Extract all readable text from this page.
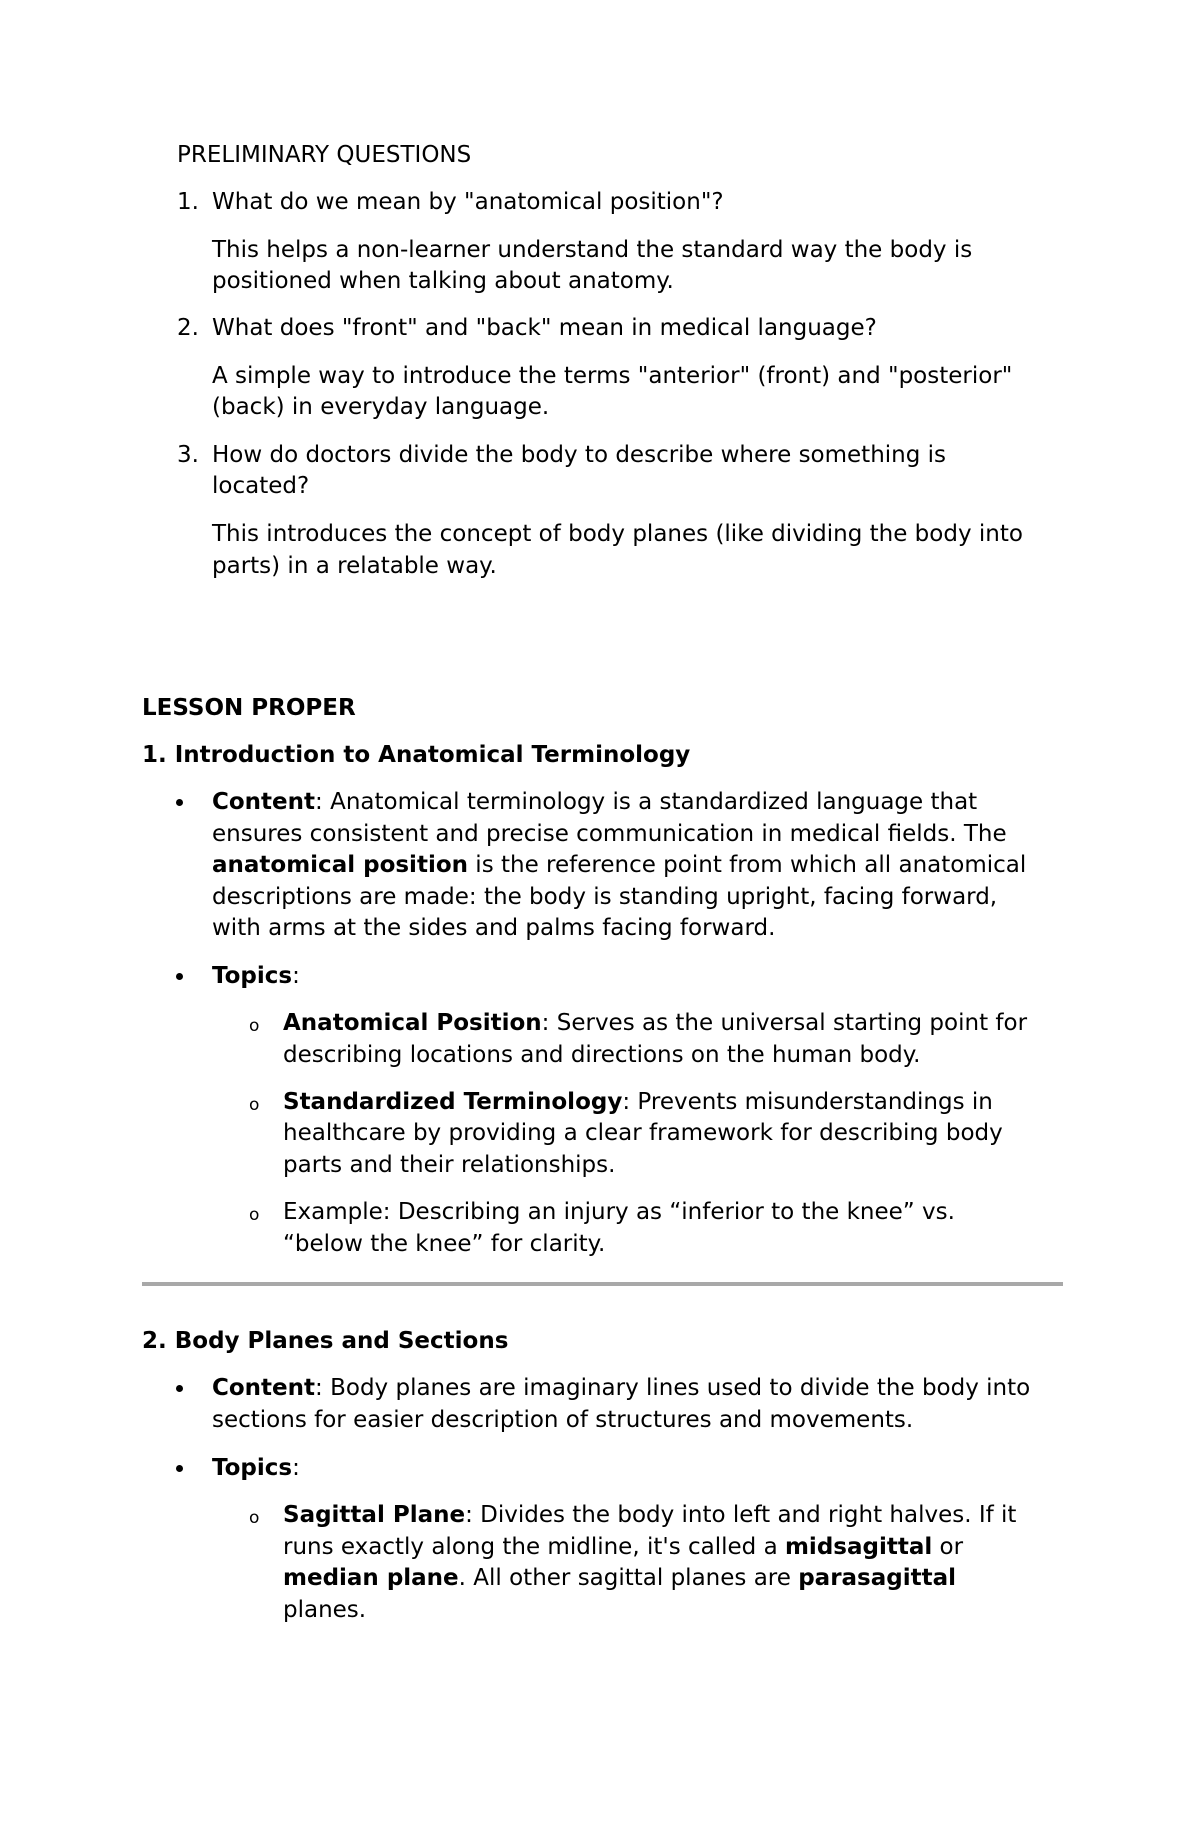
PRELIMINARY QUESTIONS
1. What do we mean by "anatomical position"?
This helps a non-learner understand the standard way the body is
positioned when talking about anatomy.
2. What does "front" and "back" mean in medical language?
A simple way to introduce the terms "anterior" (front) and "posterior"
(back) in everyday language.
3. How do doctors divide the body to describe where something is
located?
This introduces the concept of body planes (like dividing the body into
parts) in a relatable way.
LESSON PROPER
1. Introduction to Anatomical Terminology
Content: Anatomical terminology is a standardized language that
ensures consistent and precise communication in medical fields. The
anatomical position is the reference point from which all anatomical
descriptions are made: the body is standing upright, facing forward,
with arms at the sides and palms facing forward.
Topics:
o Anatomical Position: Serves as the universal starting point for
describing locations and directions on the human body.
o Standardized Terminology: Prevents misunderstandings in
healthcare by providing a clear framework for describing body
parts and their relationships.
o Example: Describing an injury as “inferior to the knee” vs.
“below the knee” for clarity.
2. Body Planes and Sections
Content: Body planes are imaginary lines used to divide the body into
sections for easier description of structures and movements.
Topics:
o Sagittal Plane: Divides the body into left and right halves. If it
runs exactly along the midline, it's called a midsagittal or
median plane. All other sagittal planes are parasagittal
planes.
